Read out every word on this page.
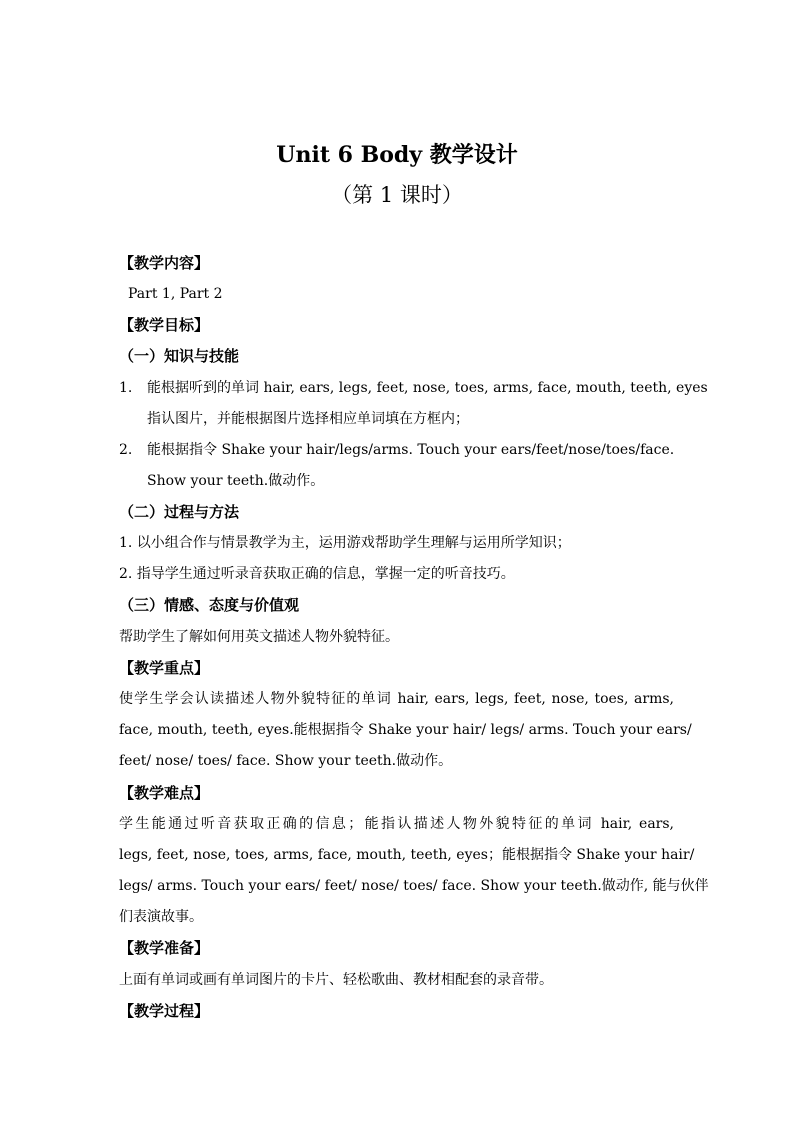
Unit 6 Body 教学设计
（第 1 课时）
【教学内容】
Part 1, Part 2
【教学目标】
（一）知识与技能
1. 能根据听到的单词 hair, ears, legs, feet, nose, toes, arms, face, mouth, teeth, eyes
指认图片，并能根据图片选择相应单词填在方框内；
2. 能根据指令 Shake your hair/legs/arms. Touch your ears/feet/nose/toes/face.
Show your teeth.做动作。
（二）过程与方法
1. 以小组合作与情景教学为主，运用游戏帮助学生理解与运用所学知识；
2. 指导学生通过听录音获取正确的信息，掌握一定的听音技巧。
（三）情感、态度与价值观
帮助学生了解如何用英文描述人物外貌特征。
【教学重点】
使学生学会认读描述人物外貌特征的单词 hair, ears, legs, feet, nose, toes, arms,
face, mouth, teeth, eyes.能根据指令 Shake your hair/ legs/ arms. Touch your ears/
feet/ nose/ toes/ face. Show your teeth.做动作。
【教学难点】
学生能通过听音获取正确的信息；能指认描述人物外貌特征的单词 hair, ears,
legs, feet, nose, toes, arms, face, mouth, teeth, eyes；能根据指令 Shake your hair/
legs/ arms. Touch your ears/ feet/ nose/ toes/ face. Show your teeth.做动作, 能与伙伴
们表演故事。
【教学准备】
上面有单词或画有单词图片的卡片、轻松歌曲、教材相配套的录音带。
【教学过程】
